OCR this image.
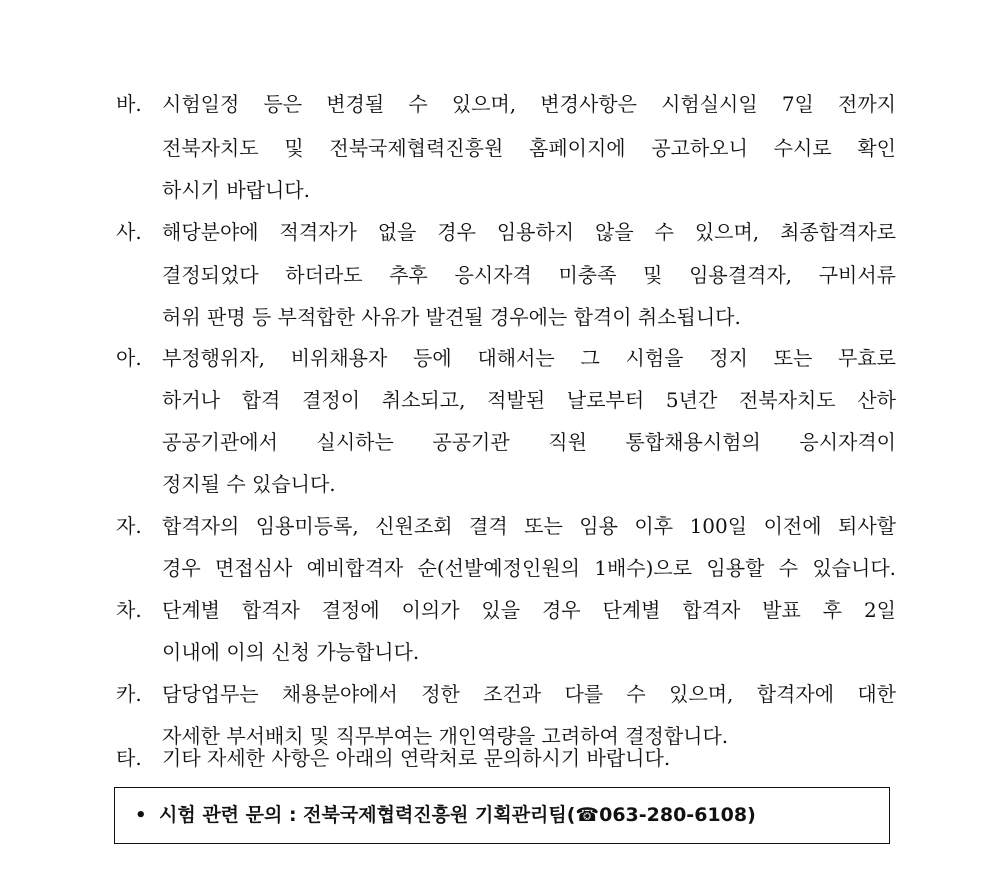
바. 시험일정 등은 변경될 수 있으며, 변경사항은 시험실시일 7일 전까지
전북자치도 및 전북국제협력진흥원 홈페이지에 공고하오니 수시로 확인
하시기 바랍니다.
사. 해당분야에 적격자가 없을 경우 임용하지 않을 수 있으며, 최종합격자로
결정되었다 하더라도 추후 응시자격 미충족 및 임용결격자, 구비서류
허위 판명 등 부적합한 사유가 발견될 경우에는 합격이 취소됩니다.
아. 부정행위자, 비위채용자 등에 대해서는 그 시험을 정지 또는 무효로
하거나 합격 결정이 취소되고, 적발된 날로부터 5년간 전북자치도 산하
공공기관에서 실시하는 공공기관 직원 통합채용시험의 응시자격이
정지될 수 있습니다.
자. 합격자의 임용미등록, 신원조회 결격 또는 임용 이후 100일 이전에 퇴사할
경우 면접심사 예비합격자 순(선발예정인원의 1배수)으로 임용할 수 있습니다.
차. 단계별 합격자 결정에 이의가 있을 경우 단계별 합격자 발표 후 2일
이내에 이의 신청 가능합니다.
카. 담당업무는 채용분야에서 정한 조건과 다를 수 있으며, 합격자에 대한
자세한 부서배치 및 직무부여는 개인역량을 고려하여 결정합니다.
타. 기타 자세한 사항은 아래의 연락처로 문의하시기 바랍니다.
• 시험 관련 문의 : 전북국제협력진흥원 기획관리팀(☎063-280-6108)
